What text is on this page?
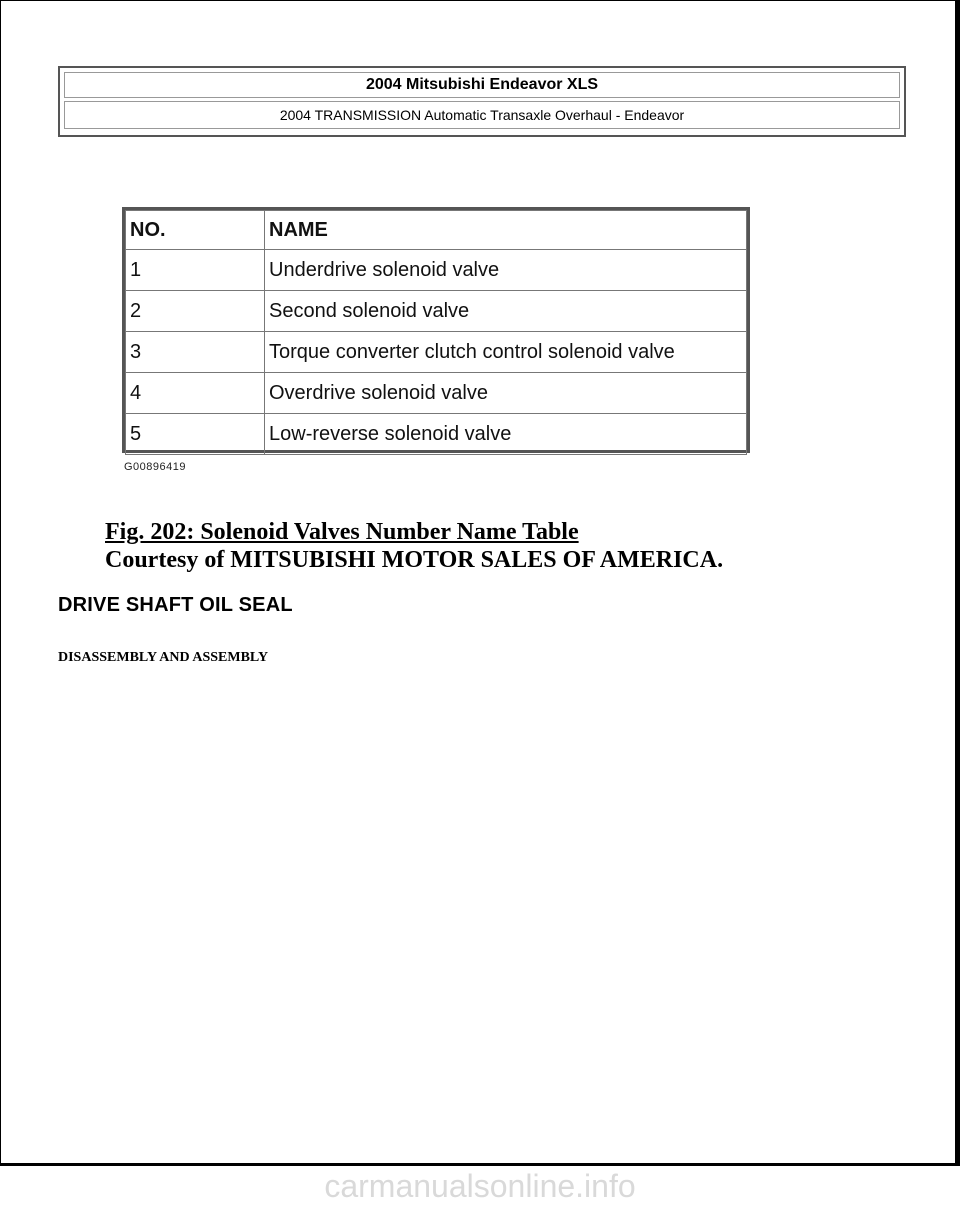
2004 Mitsubishi Endeavor XLS
2004 TRANSMISSION Automatic Transaxle Overhaul - Endeavor
NO.	NAME
1	Underdrive solenoid valve
2	Second solenoid valve
3	Torque converter clutch control solenoid valve
4	Overdrive solenoid valve
5	Low-reverse solenoid valve
G00896419
Fig. 202: Solenoid Valves Number Name Table
Courtesy of MITSUBISHI MOTOR SALES OF AMERICA.
DRIVE SHAFT OIL SEAL
DISASSEMBLY AND ASSEMBLY
carmanualsonline.info
